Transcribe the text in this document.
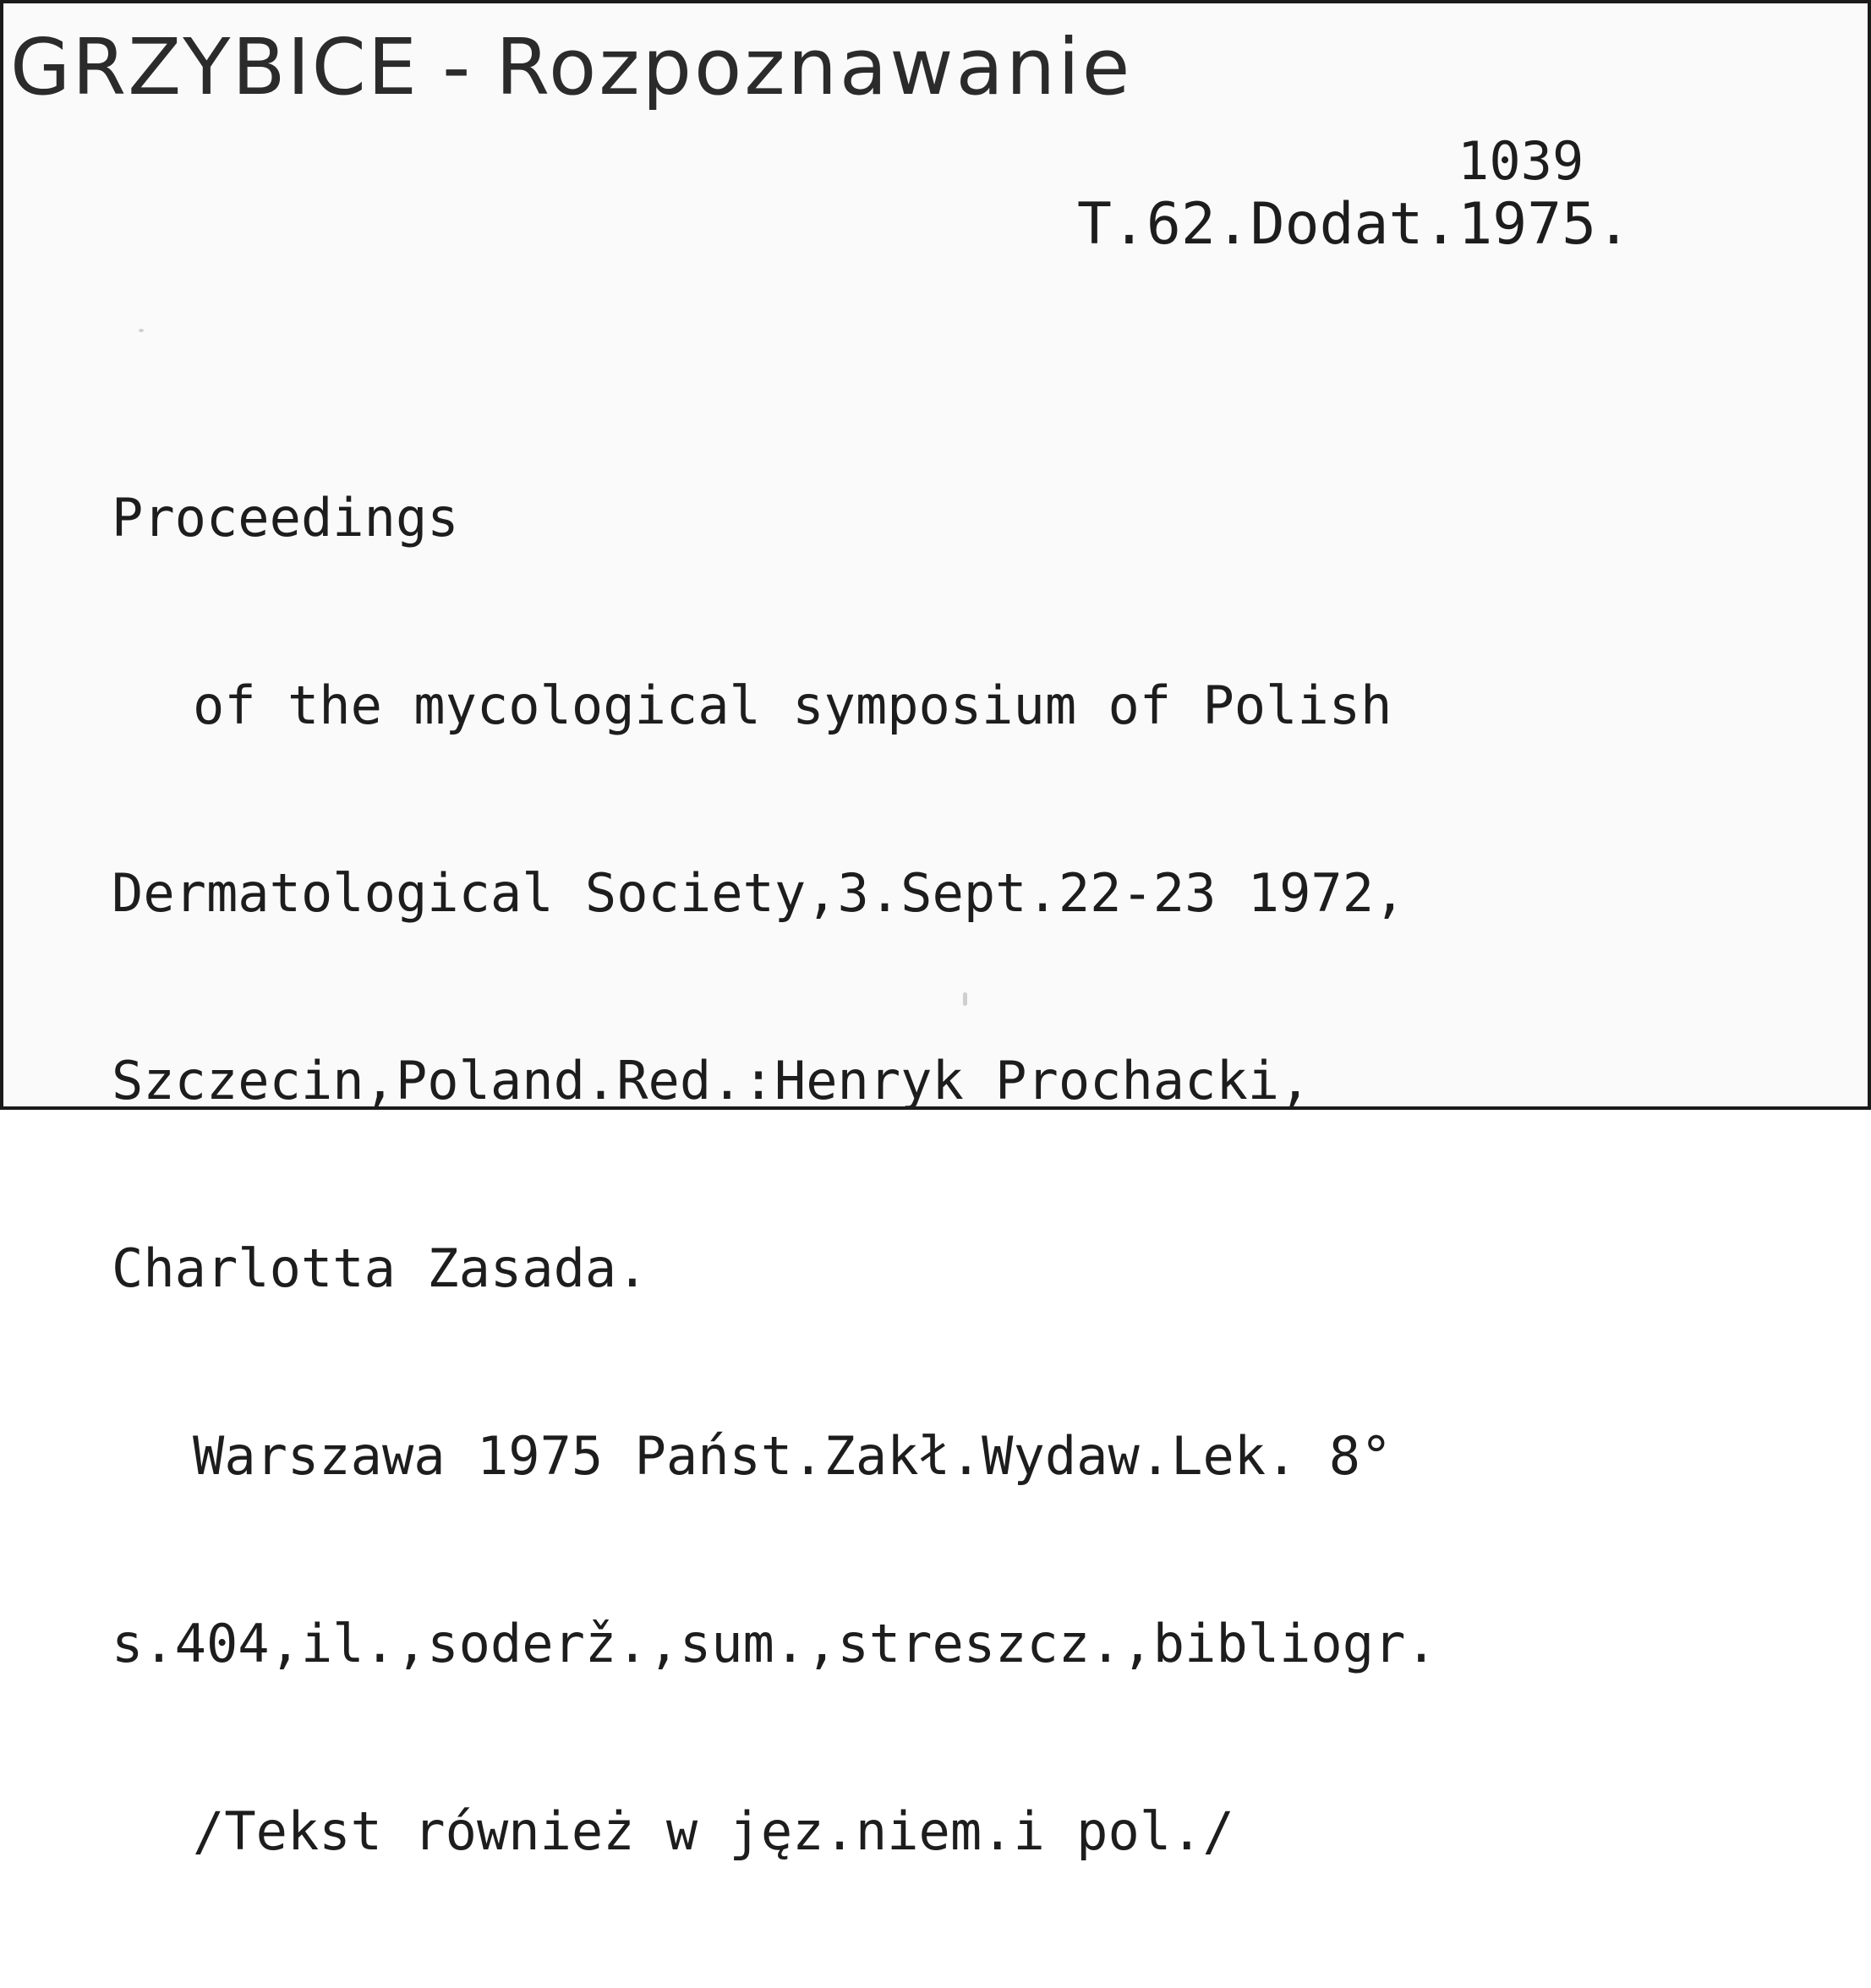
GRZYBICE - Rozpoznawanie
1039
T.62.Dodat.1975.

Proceedings

of the mycological symposium of Polish

Dermatological Society,3.Sept.22-23 1972,

Szczecin,Poland.Red.:Henryk Prochacki,

Charlotta Zasada.

Warszawa 1975 Państ.Zakł.Wydaw.Lek. 8°

s.404,il.,soderž.,sum.,streszcz.,bibliogr.

/Tekst również w jęz.niem.i pol./
